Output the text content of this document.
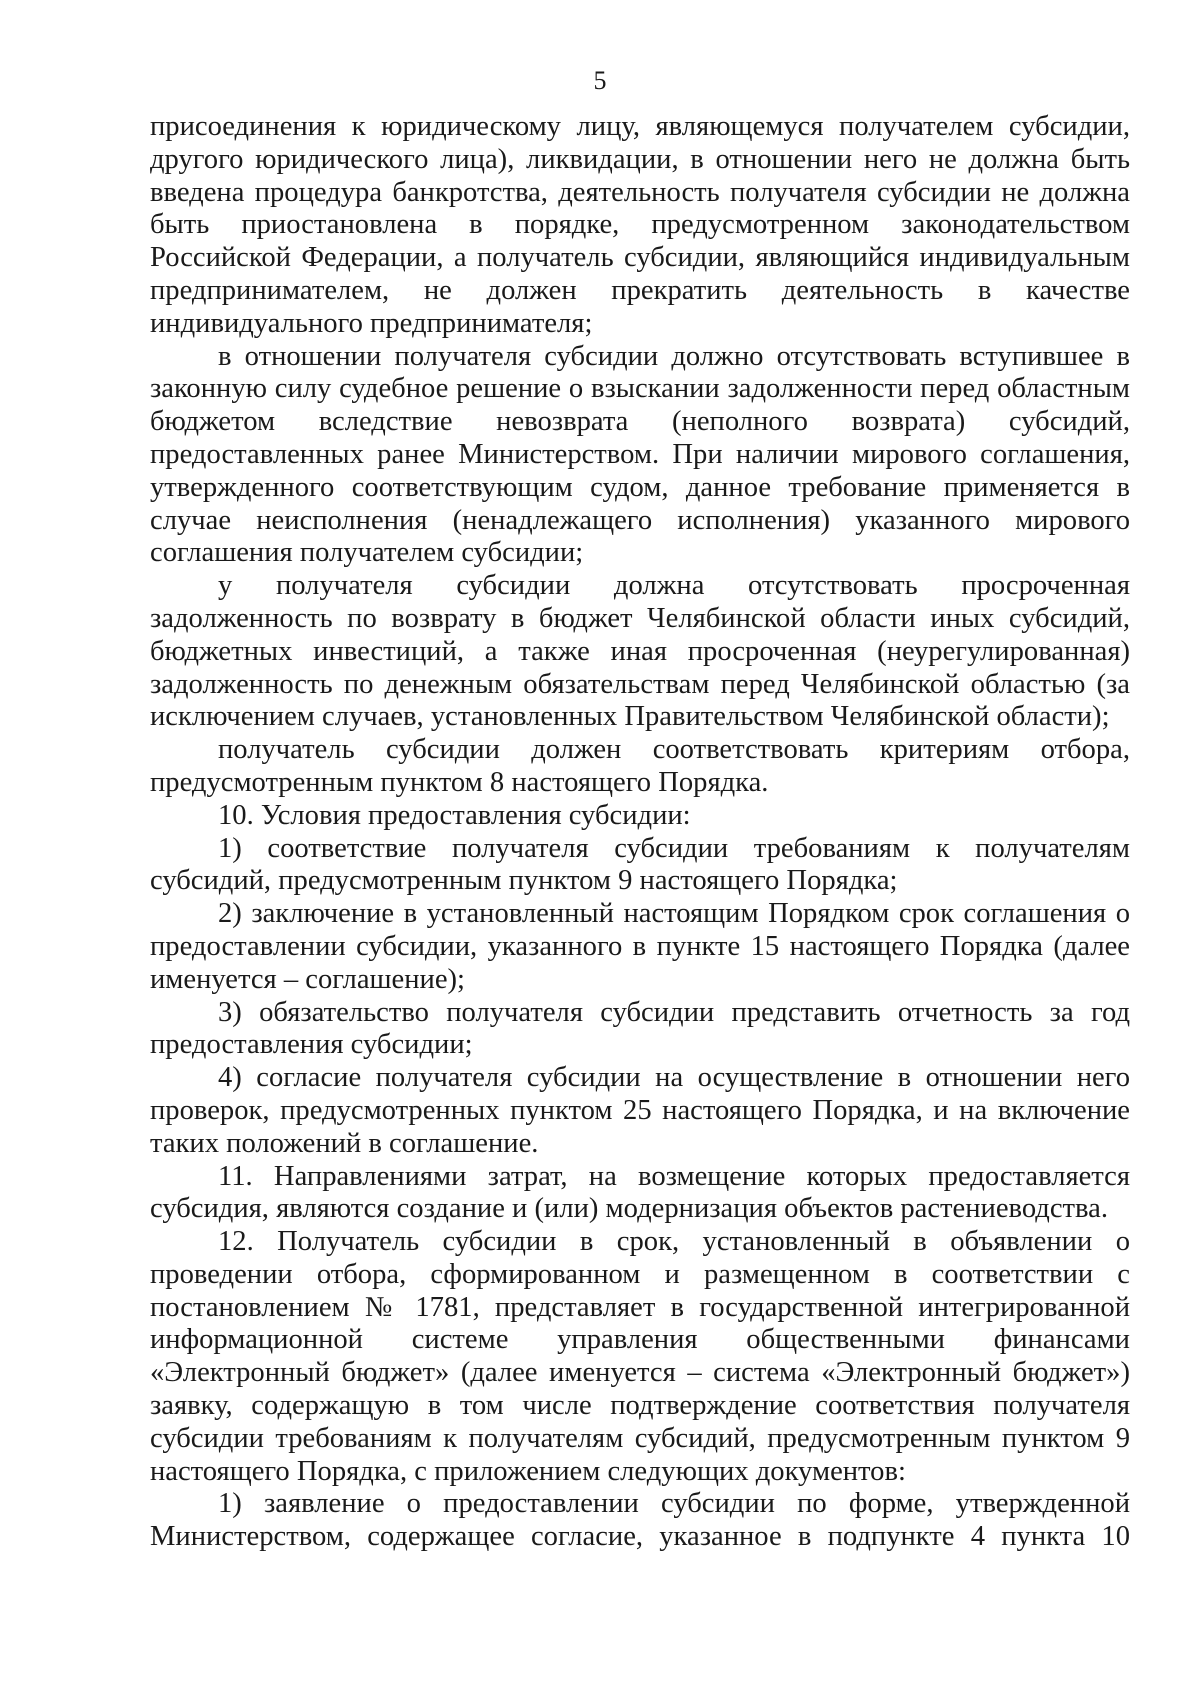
5
присоединения к юридическому лицу, являющемуся получателем субсидии,
другого юридического лица), ликвидации, в отношении него не должна быть
введена процедура банкротства, деятельность получателя субсидии не должна
быть приостановлена в порядке, предусмотренном законодательством
Российской Федерации, а получатель субсидии, являющийся индивидуальным
предпринимателем, не должен прекратить деятельность в качестве
индивидуального предпринимателя;
в отношении получателя субсидии должно отсутствовать вступившее в
законную силу судебное решение о взыскании задолженности перед областным
бюджетом вследствие невозврата (неполного возврата) субсидий,
предоставленных ранее Министерством. При наличии мирового соглашения,
утвержденного соответствующим судом, данное требование применяется в
случае неисполнения (ненадлежащего исполнения) указанного мирового
соглашения получателем субсидии;
у получателя субсидии должна отсутствовать просроченная
задолженность по возврату в бюджет Челябинской области иных субсидий,
бюджетных инвестиций, а также иная просроченная (неурегулированная)
задолженность по денежным обязательствам перед Челябинской областью (за
исключением случаев, установленных Правительством Челябинской области);
получатель субсидии должен соответствовать критериям отбора,
предусмотренным пунктом 8 настоящего Порядка.
10. Условия предоставления субсидии:
1) соответствие получателя субсидии требованиям к получателям
субсидий, предусмотренным пунктом 9 настоящего Порядка;
2) заключение в установленный настоящим Порядком срок соглашения о
предоставлении субсидии, указанного в пункте 15 настоящего Порядка (далее
именуется – соглашение);
3) обязательство получателя субсидии представить отчетность за год
предоставления субсидии;
4) согласие получателя субсидии на осуществление в отношении него
проверок, предусмотренных пунктом 25 настоящего Порядка, и на включение
таких положений в соглашение.
11. Направлениями затрат, на возмещение которых предоставляется
субсидия, являются создание и (или) модернизация объектов растениеводства.
12. Получатель субсидии в срок, установленный в объявлении о
проведении отбора, сформированном и размещенном в соответствии с
постановлением № 1781, представляет в государственной интегрированной
информационной системе управления общественными финансами
«Электронный бюджет» (далее именуется – система «Электронный бюджет»)
заявку, содержащую в том числе подтверждение соответствия получателя
субсидии требованиям к получателям субсидий, предусмотренным пунктом 9
настоящего Порядка, с приложением следующих документов:
1) заявление о предоставлении субсидии по форме, утвержденной
Министерством, содержащее согласие, указанное в подпункте 4 пункта 10
